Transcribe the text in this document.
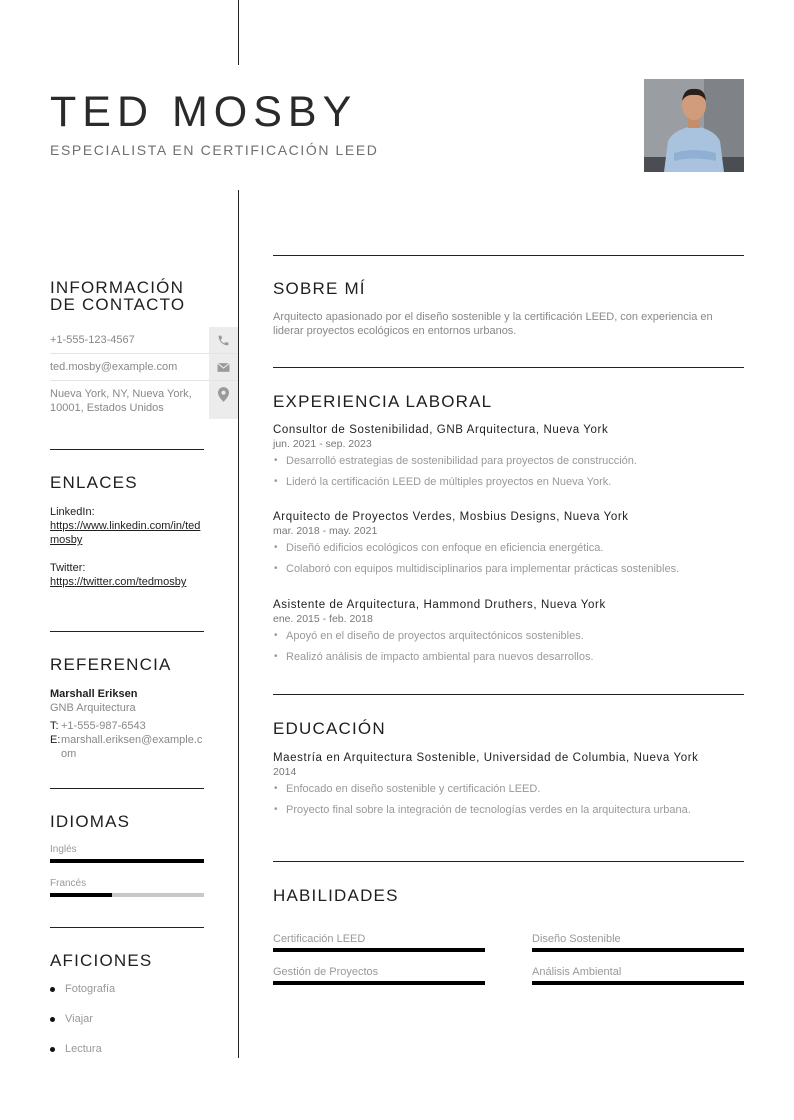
TED MOSBY
ESPECIALISTA EN CERTIFICACIÓN LEED
INFORMACIÓN DE CONTACTO
+1-555-123-4567
ted.mosby@example.com
Nueva York, NY, Nueva York, 10001, Estados Unidos
ENLACES
LinkedIn:
https://www.linkedin.com/in/tedmosby
Twitter:
https://twitter.com/tedmosby
REFERENCIA
Marshall Eriksen
GNB Arquitectura
T: +1-555-987-6543
E: marshall.eriksen@example.com
IDIOMAS
Inglés
Francés
AFICIONES
Fotografía
Viajar
Lectura
SOBRE MÍ
Arquitecto apasionado por el diseño sostenible y la certificación LEED, con experiencia en liderar proyectos ecológicos en entornos urbanos.
EXPERIENCIA LABORAL
Consultor de Sostenibilidad, GNB Arquitectura, Nueva York
jun. 2021 - sep. 2023
• Desarrolló estrategias de sostenibilidad para proyectos de construcción.
• Lideró la certificación LEED de múltiples proyectos en Nueva York.
Arquitecto de Proyectos Verdes, Mosbius Designs, Nueva York
mar. 2018 - may. 2021
• Diseñó edificios ecológicos con enfoque en eficiencia energética.
• Colaboró con equipos multidisciplinarios para implementar prácticas sostenibles.
Asistente de Arquitectura, Hammond Druthers, Nueva York
ene. 2015 - feb. 2018
• Apoyó en el diseño de proyectos arquitectónicos sostenibles.
• Realizó análisis de impacto ambiental para nuevos desarrollos.
EDUCACIÓN
Maestría en Arquitectura Sostenible, Universidad de Columbia, Nueva York
2014
• Enfocado en diseño sostenible y certificación LEED.
• Proyecto final sobre la integración de tecnologías verdes en la arquitectura urbana.
HABILIDADES
Certificación LEED	Diseño Sostenible
Gestión de Proyectos	Análisis Ambiental
